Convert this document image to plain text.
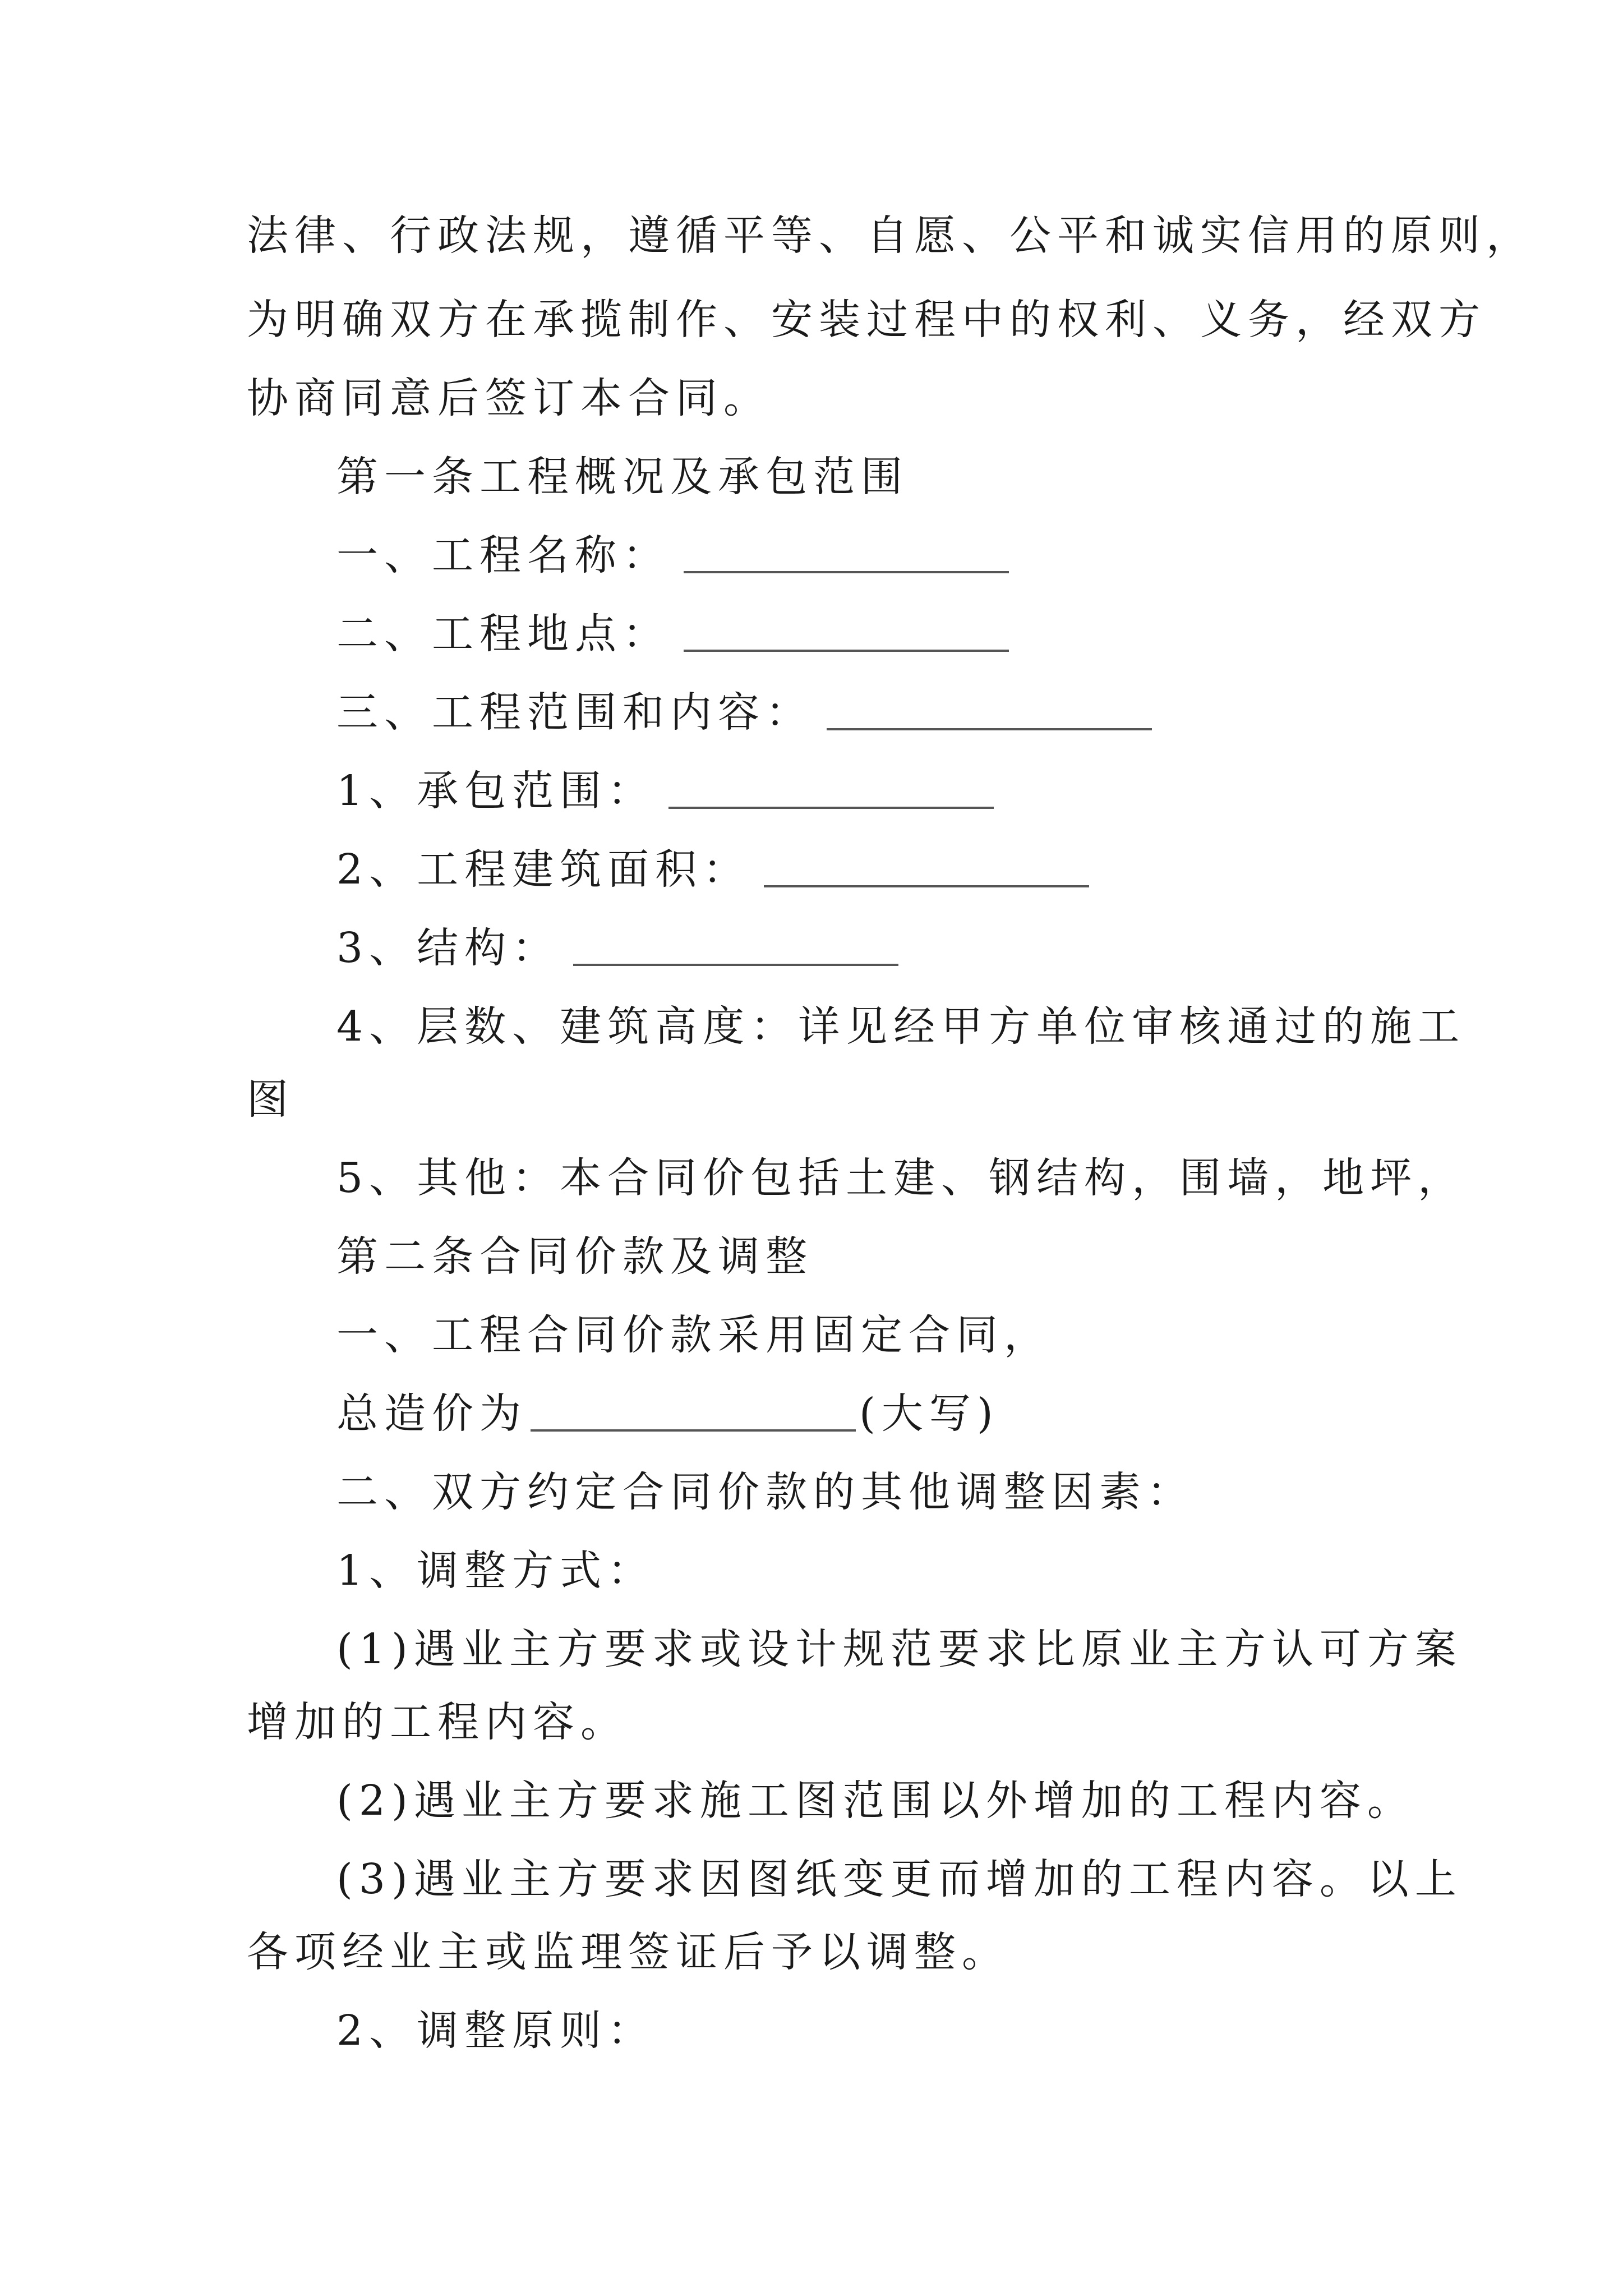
法律、行政法规，遵循平等、自愿、公平和诚实信用的原则，
为明确双方在承揽制作、安装过程中的权利、义务，经双方
协商同意后签订本合同。
第一条工程概况及承包范围
一、工程名称：
二、工程地点：
三、工程范围和内容：
1、承包范围：
2、工程建筑面积：
3、结构：
4、层数、建筑高度：详见经甲方单位审核通过的施工
图
5、其他：本合同价包括土建、钢结构，围墙，地坪，
第二条合同价款及调整
一、工程合同价款采用固定合同，
总造价为	(大写)
二、双方约定合同价款的其他调整因素：
1、调整方式：
(1)遇业主方要求或设计规范要求比原业主方认可方案
增加的工程内容。
(2)遇业主方要求施工图范围以外增加的工程内容。
(3)遇业主方要求因图纸变更而增加的工程内容。以上
各项经业主或监理签证后予以调整。
2、调整原则：
